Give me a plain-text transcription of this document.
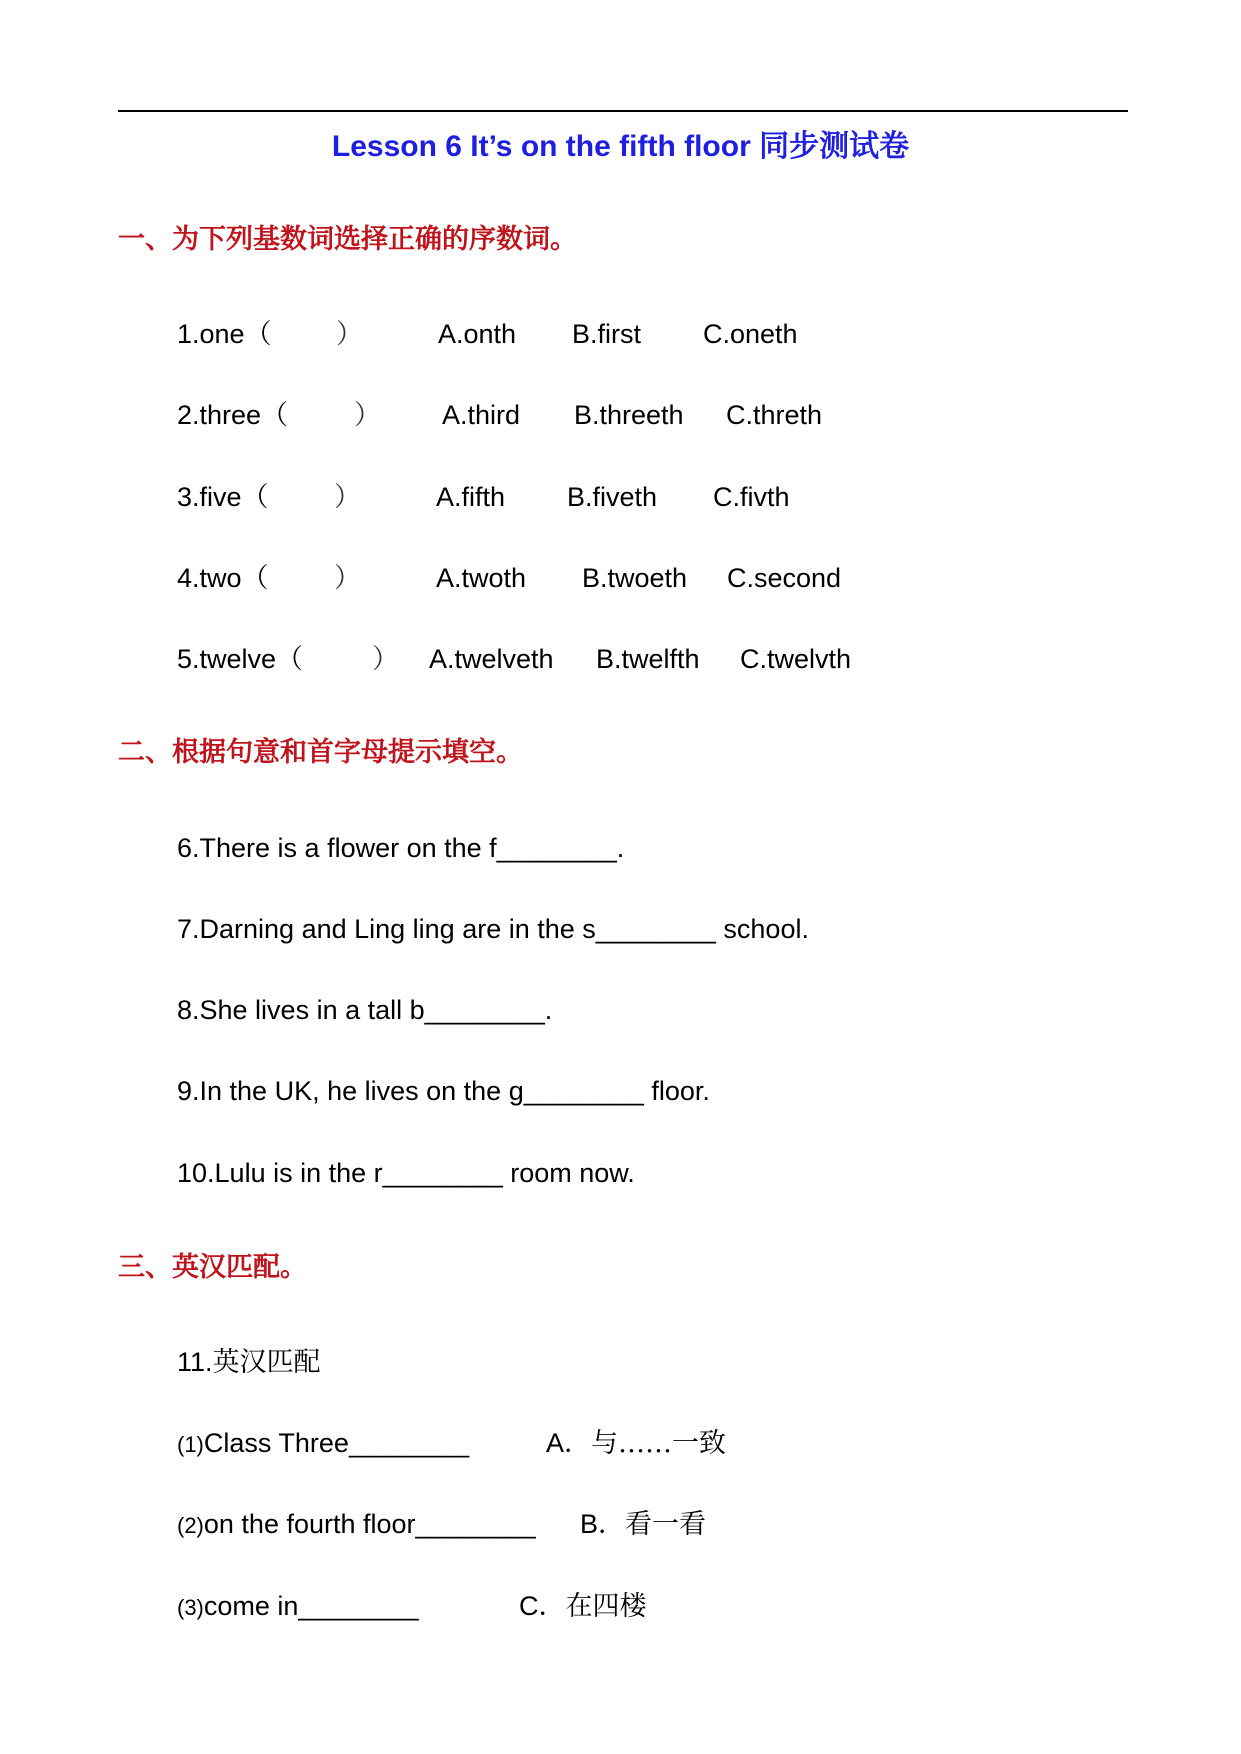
Lesson 6 It’s on the fifth floor 同步测试卷
一、为下列基数词选择正确的序数词。
1.one（ ）	A.onth B.first C.oneth
2.three（ ） A.third B.threeth C.threth
3.five（ ）	A.fifth B.fiveth C.fivth
4.two（ ）	A.twoth B.twoeth C.second
5.twelve（	） A.twelveth B.twelfth C.twelvth
二、根据句意和首字母提示填空。
6.There is a flower on the f________.
7.Darning and Ling ling are in the s________ school.
8.She lives in a tall b________.
9.In the UK, he lives on the g________ floor.
10.Lulu is in the r________ room now.
三、英汉匹配。
11.英汉匹配
(1)Class Three________	A．与……一致
(2)on the fourth floor________ B．看一看
(3)come in________	C．在四楼
